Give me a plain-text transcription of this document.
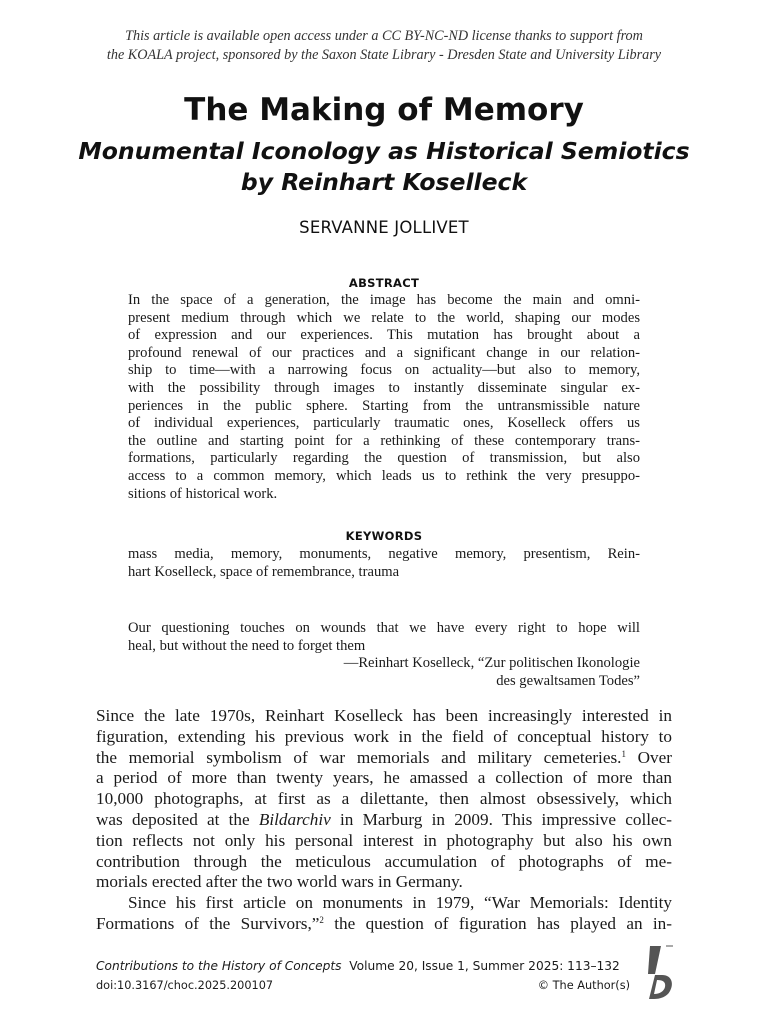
This article is available open access under a CC BY-NC-ND license thanks to support from
the KOALA project, sponsored by the Saxon State Library - Dresden State and University Library
The Making of Memory
Monumental Iconology as Historical Semiotics
by Reinhart Koselleck
SERVANNE JOLLIVET
ABSTRACT
In the space of a generation, the image has become the main and omni-
present medium through which we relate to the world, shaping our modes
of expression and our experiences. This mutation has brought about a
profound renewal of our practices and a significant change in our relation-
ship to time—with a narrowing focus on actuality—but also to memory,
with the possibility through images to instantly disseminate singular ex-
periences in the public sphere. Starting from the untransmissible nature
of individual experiences, particularly traumatic ones, Koselleck offers us
the outline and starting point for a rethinking of these contemporary trans-
formations, particularly regarding the question of transmission, but also
access to a common memory, which leads us to rethink the very presuppo-
sitions of historical work.
KEYWORDS
mass media, memory, monuments, negative memory, presentism, Rein-
hart Koselleck, space of remembrance, trauma
Our questioning touches on wounds that we have every right to hope will
heal, but without the need to forget them
—Reinhart Koselleck, “Zur politischen Ikonologie
des gewaltsamen Todes”
Since the late 1970s, Reinhart Koselleck has been increasingly interested in
figuration, extending his previous work in the field of conceptual history to
the memorial symbolism of war memorials and military cemeteries.$^1$ Over
a period of more than twenty years, he amassed a collection of more than
10,000 photographs, at first as a dilettante, then almost obsessively, which
was deposited at the Bildarchiv in Marburg in 2009. This impressive collec-
tion reflects not only his personal interest in photography but also his own
contribution through the meticulous accumulation of photographs of me-
morials erected after the two world wars in Germany.
Since his first article on monuments in 1979, “War Memorials: Identity
Formations of the Survivors,”$^2$ the question of figuration has played an in-
Contributions to the History of Concepts Volume 20, Issue 1, Summer 2025: 113–132
doi:10.3167/choc.2025.200107	© The Author(s)
